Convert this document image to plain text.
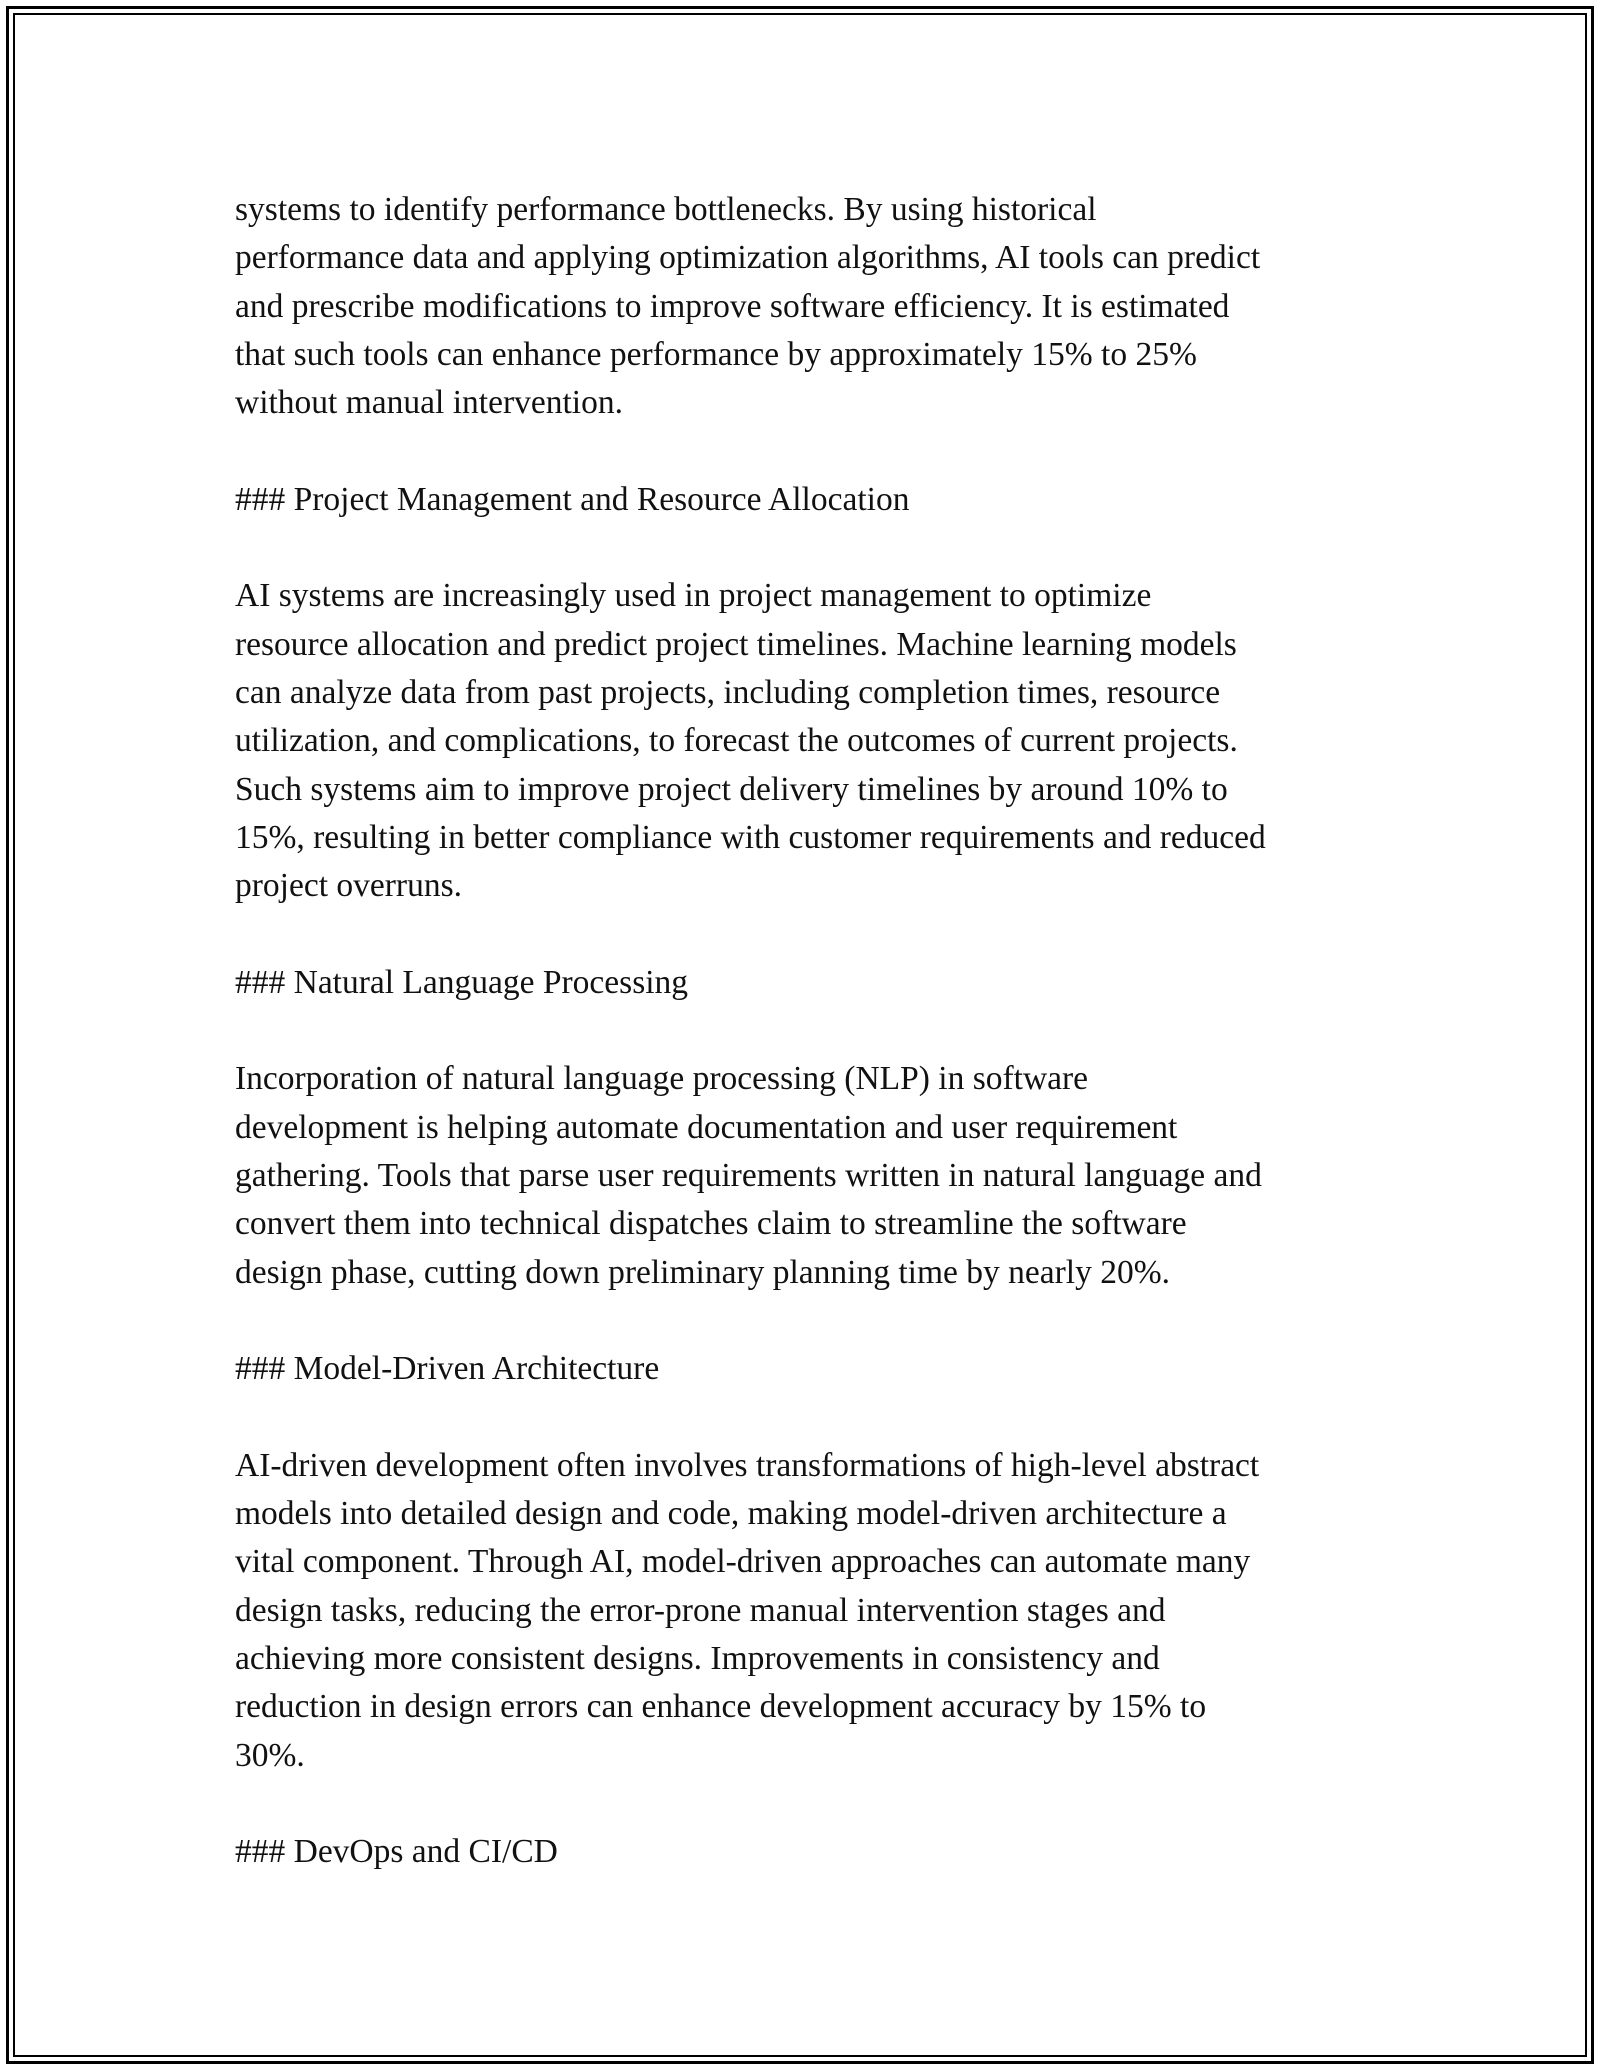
systems to identify performance bottlenecks. By using historical
performance data and applying optimization algorithms, AI tools can predict
and prescribe modifications to improve software efficiency. It is estimated
that such tools can enhance performance by approximately 15% to 25%
without manual intervention.

### Project Management and Resource Allocation

AI systems are increasingly used in project management to optimize
resource allocation and predict project timelines. Machine learning models
can analyze data from past projects, including completion times, resource
utilization, and complications, to forecast the outcomes of current projects.
Such systems aim to improve project delivery timelines by around 10% to
15%, resulting in better compliance with customer requirements and reduced
project overruns.

### Natural Language Processing

Incorporation of natural language processing (NLP) in software
development is helping automate documentation and user requirement
gathering. Tools that parse user requirements written in natural language and
convert them into technical dispatches claim to streamline the software
design phase, cutting down preliminary planning time by nearly 20%.

### Model-Driven Architecture

AI-driven development often involves transformations of high-level abstract
models into detailed design and code, making model-driven architecture a
vital component. Through AI, model-driven approaches can automate many
design tasks, reducing the error-prone manual intervention stages and
achieving more consistent designs. Improvements in consistency and
reduction in design errors can enhance development accuracy by 15% to
30%.

### DevOps and CI/CD
